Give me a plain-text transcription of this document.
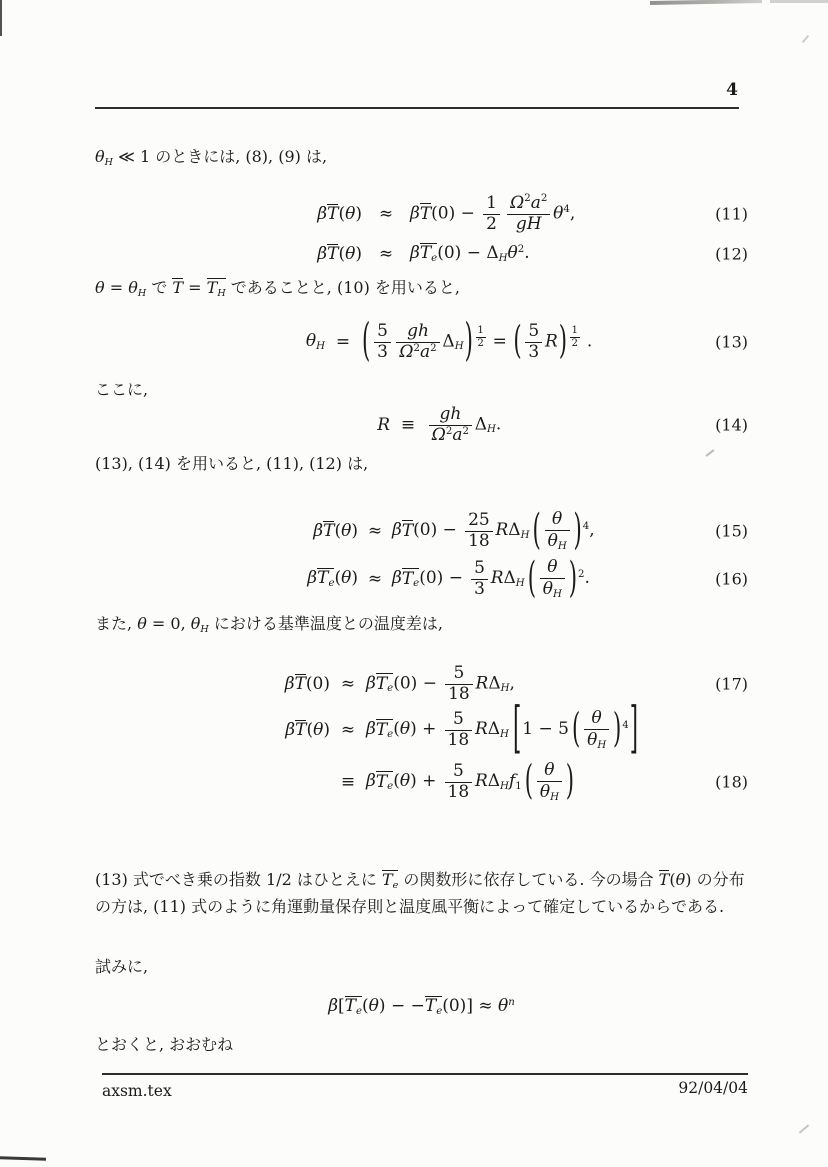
4
θH ≪ 1 のときには, (8), (9) は,
$\beta T(\theta) \approx \beta T(0) - \frac{1}{2} \frac{\Omega 2a2}{gH} \theta 4$,	(11)
βT(θ) ≈ βTe(0) − ΔHθ2.	(12)
θ = θH で T = TH であることと, (10) を用いると,
θH = ( $\frac{5}{3} \frac{gh}{\Omega 2a2} \Delta H) \frac{1}{2}$ = ( $\frac{5}{3} R) \frac{1}{2}$ .	(13)
ここに,
$R \equiv \frac{gh}{\Omega 2a2} \Delta H$.	(14)
(13), (14) を用いると, (11), (12) は,
$\beta T(\theta) \approx \beta T(0) - \frac{25}{18}$ RΔH ( $\frac{\theta}{\theta H} )4$,	(15)
$\beta Te(\theta) \approx \beta Te(0) - \frac{5}{3}$ RΔH ( $\frac{\theta}{\theta H} )2$.	(16)
また, θ = 0, θH における基準温度との温度差は,
$\beta T(0) \approx \beta Te(0) - \frac{5}{18} R\Delta H$,	(17)
$\beta T(\theta) \approx \beta Te(\theta) + \frac{5}{18}$ RΔH [1 − 5 ( $\frac{\theta}{\theta H} )4$]
≡ $\beta Te(\theta) + \frac{5}{18} R\Delta Hf1$ ( $\frac{\theta}{\theta H}$ )	(18)
(13) 式でべき乗の指数 1/2 はひとえに Te の関数形に依存している. 今の場合 T(θ) の分布
の方は, (11) 式のように角運動量保存則と温度風平衡によって確定しているからである.
試みに,
β[Te(θ) − −Te(0)] ≈ θn
とおくと, おおむね
axsm.tex	92/04/04
